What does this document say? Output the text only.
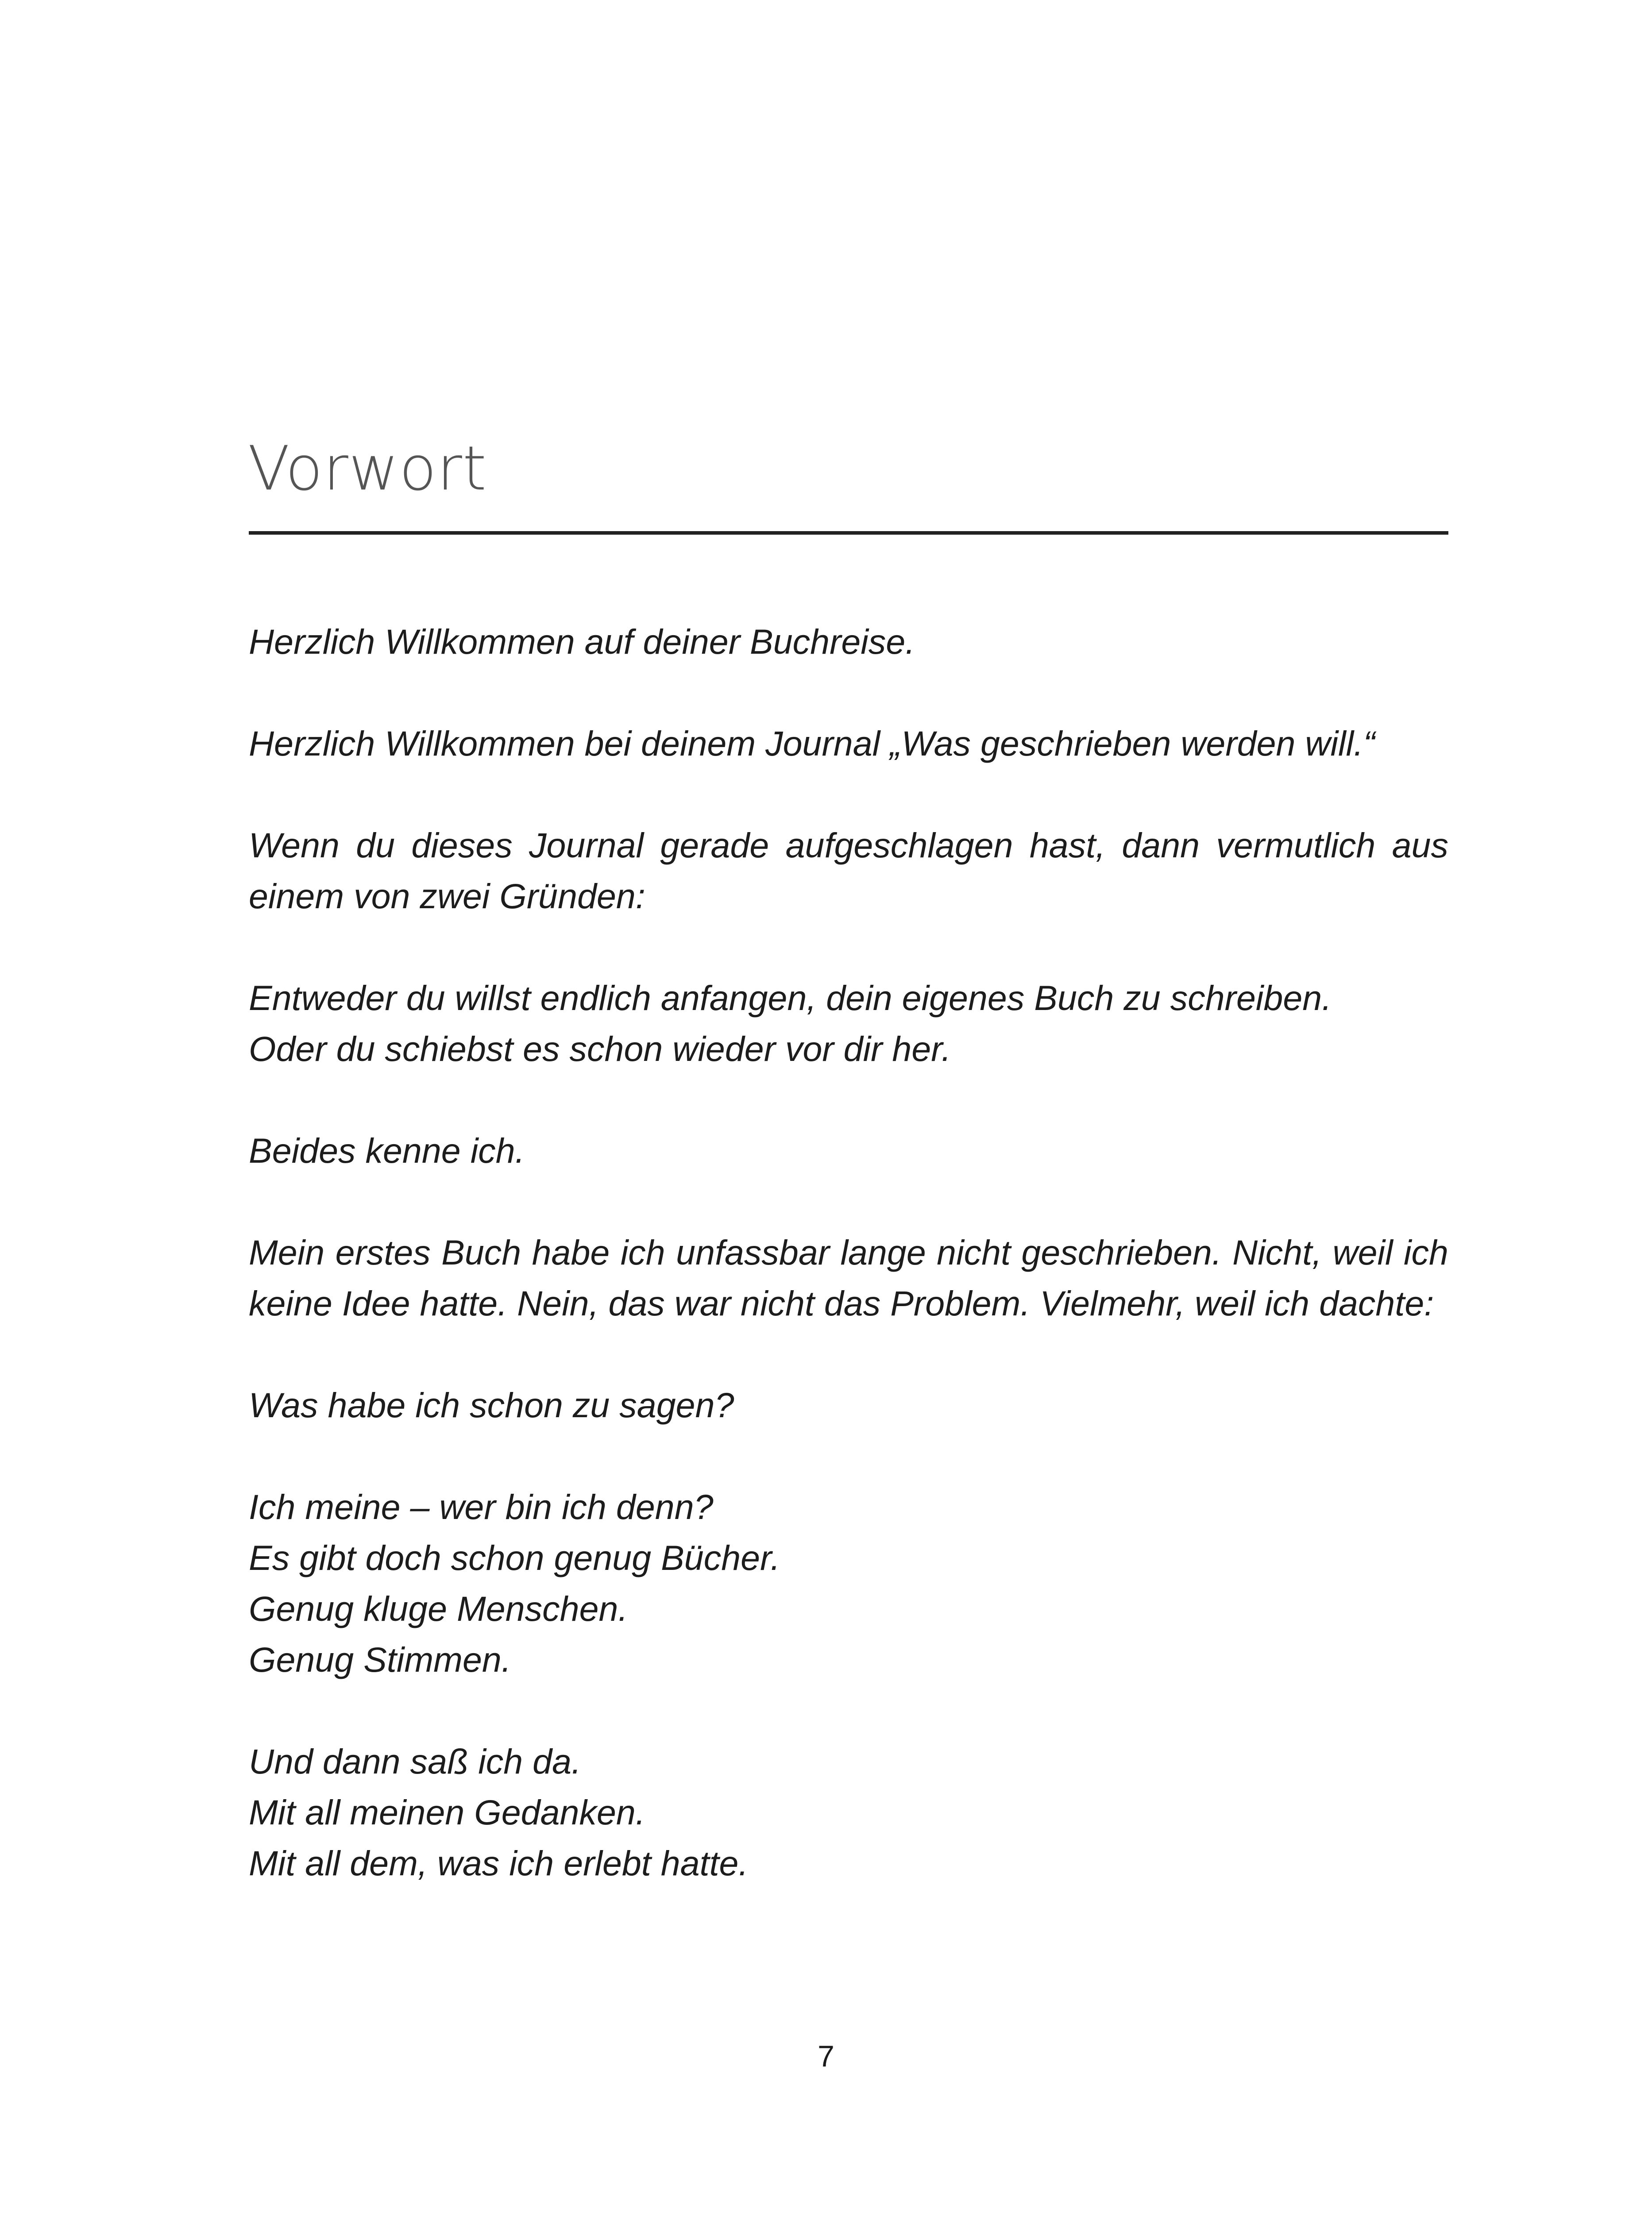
Vorwort

Herzlich Willkommen auf deiner Buchreise.

Herzlich Willkommen bei deinem Journal „Was geschrieben werden will.“

Wenn du dieses Journal gerade aufgeschlagen hast, dann vermutlich aus einem von zwei Gründen:

Entweder du willst endlich anfangen, dein eigenes Buch zu schreiben.
Oder du schiebst es schon wieder vor dir her.

Beides kenne ich.

Mein erstes Buch habe ich unfassbar lange nicht geschrieben. Nicht, weil ich keine Idee hatte. Nein, das war nicht das Problem. Vielmehr, weil ich dachte:

Was habe ich schon zu sagen?

Ich meine – wer bin ich denn?
Es gibt doch schon genug Bücher.
Genug kluge Menschen.
Genug Stimmen.

Und dann saß ich da.
Mit all meinen Gedanken.
Mit all dem, was ich erlebt hatte.

7
